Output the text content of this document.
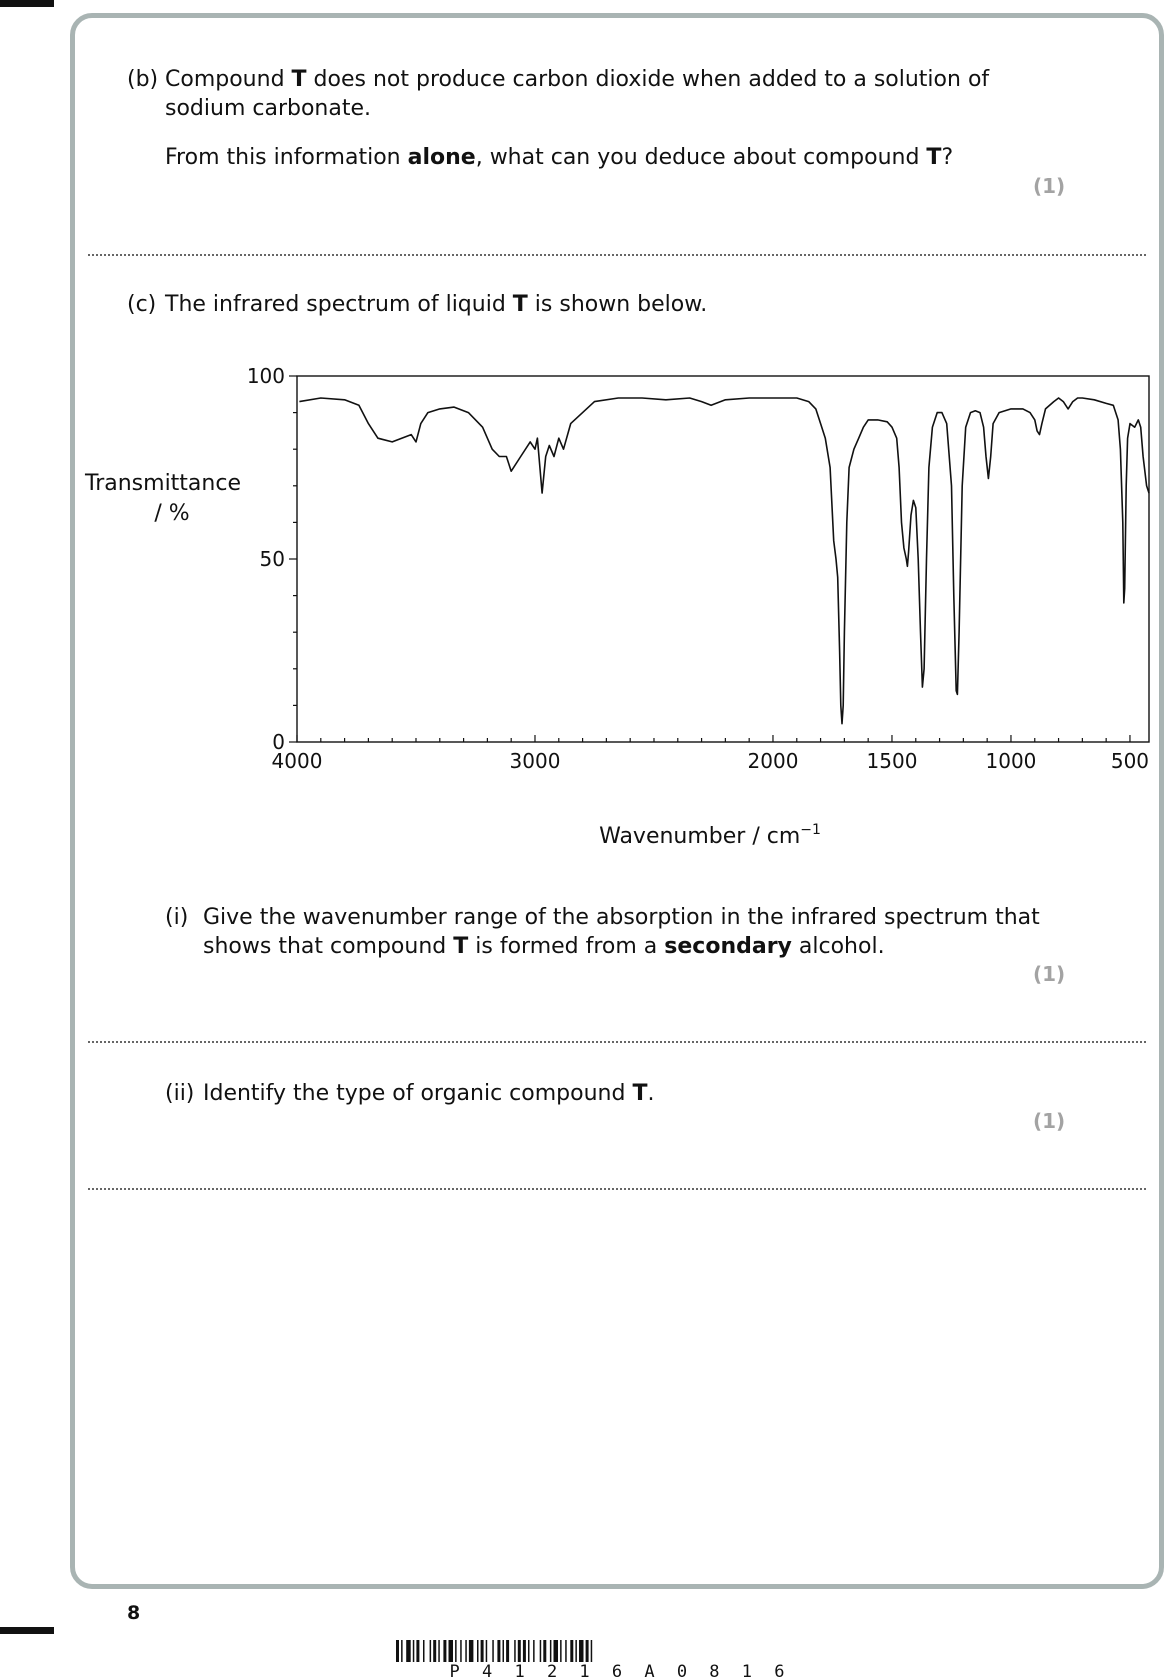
(b) Compound T does not produce carbon dioxide when added to a solution of
sodium carbonate.
From this information alone, what can you deduce about compound T?
(1)
(c) The infrared spectrum of liquid T is shown below.
4000	3000	2000	1500	1000	500
0
50
100
Transmittance
/ %
Wavenumber / $cm^{-1}$
(i) Give the wavenumber range of the absorption in the infrared spectrum that
shows that compound T is formed from a secondary alcohol.
(1)
(ii) Identify the type of organic compound T.
(1)
8
P 4 1 2 1 6 A 0 8 1 6
